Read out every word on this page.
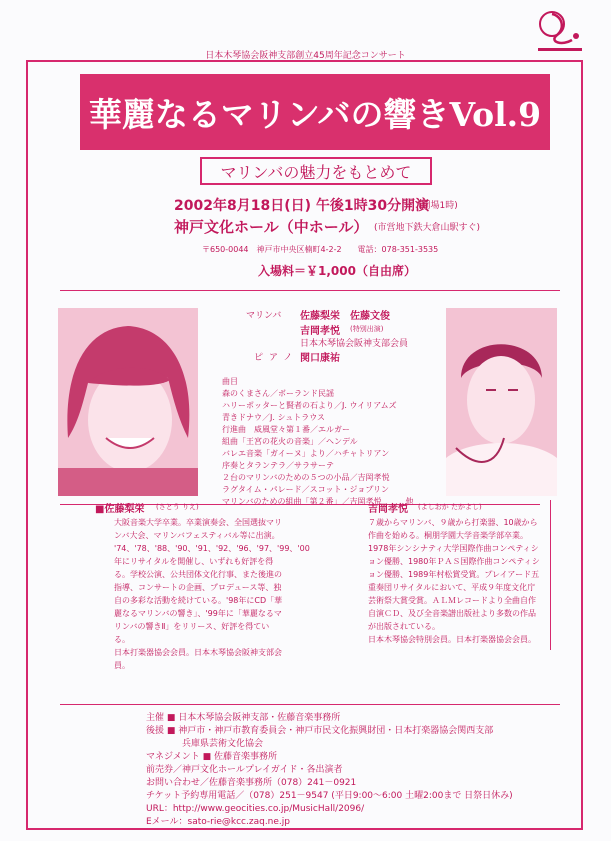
日本木琴協会阪神支部創立45周年記念コンサート
華麗なるマリンバの響きVol.9
マリンバの魅力をもとめて
2002年8月18日(日) 午後1時30分開演
(開場1時)
神戸文化ホール（中ホール） (市営地下鉄大倉山駅すぐ)
〒650-0044　神戸市中央区楠町4-2-2　　電話：078-351-3535
入場料＝￥1,000（自由席）
マリンバ 佐藤梨栄　佐藤文俊
吉岡孝悦 (特別出演)
日本木琴協会阪神支部会員
ピアノ 関口康祐
曲目
森のくまさん／ボーランド民謡
ハリーポッターと賢者の石より／J. ウイリアムズ
青きドナウ／J. シュトラウス
行進曲　威風堂々第１番／エルガー
組曲「王宮の花火の音楽」／ヘンデル
バレエ音楽「ガイーヌ」より／ハチャトリアン
序奏とタランテラ／サラサーテ
２台のマリンバのための５つの小品／吉岡孝悦
ラグタイム・パレード／スコット・ジョプリン
マリンバのための組曲「第２番」／吉岡孝悦　　　他
■佐藤梨栄 (さとう りえ)
大阪音楽大学卒業。卒業演奏会、全国選抜マリンバ大会、マリンバフェスティバル等に出演。
'74、'78、'88、'90、'91、'92、'96、'97、'99、'00年にリサイタルを開催し、いずれも好評を得る。学校公演、公共団体文化行事、また後進の指導、コンサートの企画、プロデュース等、独自の多彩な活動を続けている。'98年にCD「華麗なるマリンバの響き」、'99年に「華麗なるマリンバの響きⅡ」をリリース、好評を得ている。
日本打楽器協会会員。日本木琴協会阪神支部会員。
吉岡孝悦 (よしおか たかよし)
７歳からマリンバ、９歳から打楽器、10歳から作曲を始める。桐朋学園大学音楽学部卒業。1978年シンシナティ大学国際作曲コンペティション優勝、1980年ＰＡＳ国際作曲コンペティション優勝、1989年村松賞受賞。プレイアード五重奏団リサイタルにおいて、平成９年度文化庁芸術祭大賞受賞。ＡＬＭレコードより全曲自作自演ＣＤ、及び全音楽譜出版社より多数の作品が出版されている。
日本木琴協会特別会員。日本打楽器協会会員。
主催 ■ 日本木琴協会阪神支部・佐藤音楽事務所
後援 ■ 神戸市・神戸市教育委員会・神戸市民文化振興財団・日本打楽器協会関西支部
　　　　兵庫県芸術文化協会
マネジメント ■ 佐藤音楽事務所
前売券／神戸文化ホールプレイガイド・各出演者
お問い合わせ／佐藤音楽事務所（078）241－0921
チケット予約専用電話／（078）251－9547 (平日9:00～6:00 土曜2:00まで 日祭日休み)
URL：http://www.geocities.co.jp/MusicHall/2096/
Eメール：sato-rie@kcc.zaq.ne.jp
